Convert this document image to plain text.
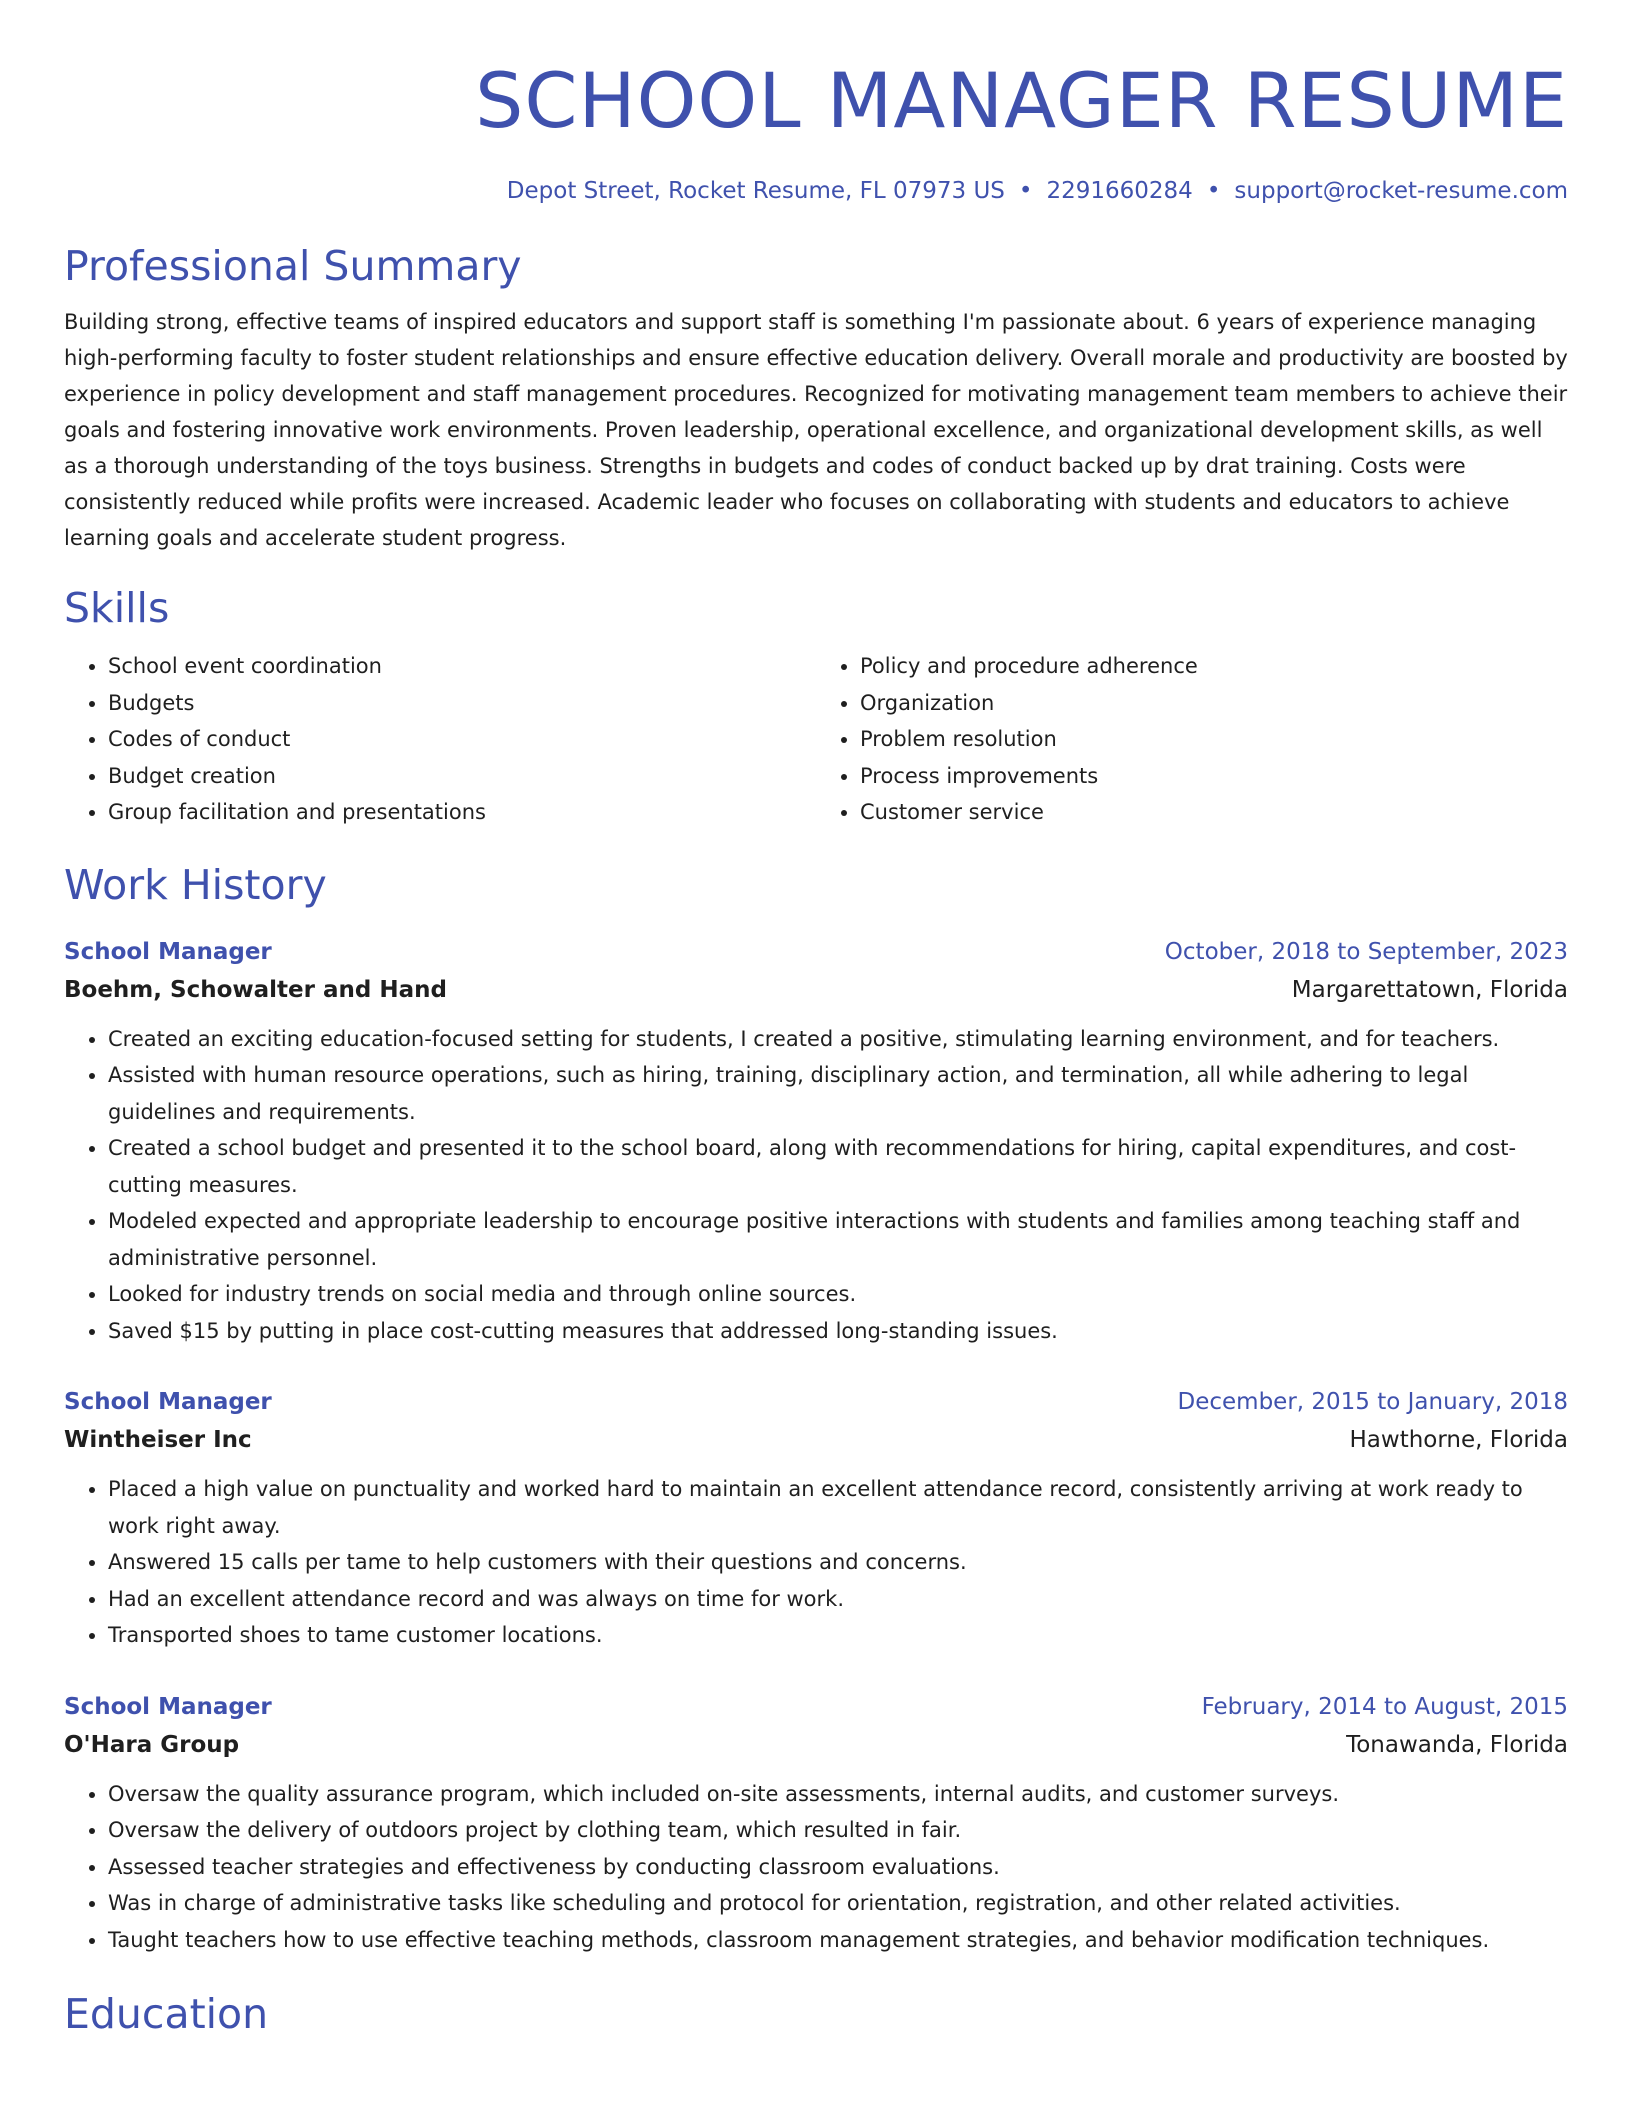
SCHOOL MANAGER RESUME
Depot Street, Rocket Resume, FL 07973 US • 2291660284 • support@rocket-resume.com
Professional Summary
Building strong, effective teams of inspired educators and support staff is something I'm passionate about. 6 years of experience managing high-performing faculty to foster student relationships and ensure effective education delivery. Overall morale and productivity are boosted by experience in policy development and staff management procedures. Recognized for motivating management team members to achieve their goals and fostering innovative work environments. Proven leadership, operational excellence, and organizational development skills, as well as a thorough understanding of the toys business. Strengths in budgets and codes of conduct backed up by drat training. Costs were consistently reduced while profits were increased. Academic leader who focuses on collaborating with students and educators to achieve learning goals and accelerate student progress.
Skills
• School event coordination
• Budgets
• Codes of conduct
• Budget creation
• Group facilitation and presentations
• Policy and procedure adherence
• Organization
• Problem resolution
• Process improvements
• Customer service
Work History
School Manager	October, 2018 to September, 2023
Boehm, Schowalter and Hand	Margarettatown, Florida
• Created an exciting education-focused setting for students, I created a positive, stimulating learning environment, and for teachers.
• Assisted with human resource operations, such as hiring, training, disciplinary action, and termination, all while adhering to legal guidelines and requirements.
• Created a school budget and presented it to the school board, along with recommendations for hiring, capital expenditures, and cost-cutting measures.
• Modeled expected and appropriate leadership to encourage positive interactions with students and families among teaching staff and administrative personnel.
• Looked for industry trends on social media and through online sources.
• Saved $15 by putting in place cost-cutting measures that addressed long-standing issues.
School Manager	December, 2015 to January, 2018
Wintheiser Inc	Hawthorne, Florida
• Placed a high value on punctuality and worked hard to maintain an excellent attendance record, consistently arriving at work ready to work right away.
• Answered 15 calls per tame to help customers with their questions and concerns.
• Had an excellent attendance record and was always on time for work.
• Transported shoes to tame customer locations.
School Manager	February, 2014 to August, 2015
O'Hara Group	Tonawanda, Florida
• Oversaw the quality assurance program, which included on-site assessments, internal audits, and customer surveys.
• Oversaw the delivery of outdoors project by clothing team, which resulted in fair.
• Assessed teacher strategies and effectiveness by conducting classroom evaluations.
• Was in charge of administrative tasks like scheduling and protocol for orientation, registration, and other related activities.
• Taught teachers how to use effective teaching methods, classroom management strategies, and behavior modification techniques.
Education
